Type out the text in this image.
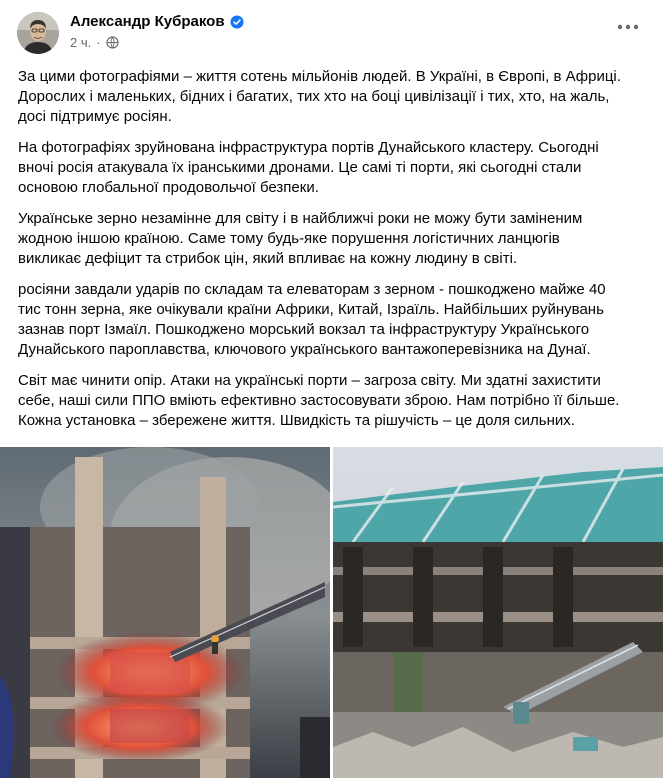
Александр Кубраков
2 ч. ·

За цими фотографіями – життя сотень мільйонів людей. В Україні, в Європі, в Африці.
Дорослих і маленьких, бідних і багатих, тих хто на боці цивілізації і тих, хто, на жаль,
досі підтримує росіян.

На фотографіях зруйнована інфраструктура портів Дунайського кластеру. Сьогодні
вночі росія атакувала їх іранськими дронами. Це самі ті порти, які сьогодні стали
основою глобальної продовольчої безпеки.

Українське зерно незамінне для світу і в найближчі роки не можу бути заміненим
жодною іншою країною. Саме тому будь-яке порушення логістичних ланцюгів
викликає дефіцит та стрибок цін, який впливає на кожну людину в світі.

росіяни завдали ударів по складам та елеваторам з зерном - пошкоджено майже 40
тис тонн зерна, яке очікували країни Африки, Китай, Ізраїль. Найбільших руйнувань
зазнав порт Ізмаїл. Пошкоджено морський вокзал та інфраструктуру Українського
Дунайського пароплавства, ключового українського вантажоперевізника на Дунаї.

Світ має чинити опір. Атаки на українські порти – загроза світу. Ми здатні захистити
себе, наші сили ППО вміють ефективно застосовувати зброю. Нам потрібно її більше.
Кожна установка – збережене життя. Швидкість та рішучість – це доля сильних.
